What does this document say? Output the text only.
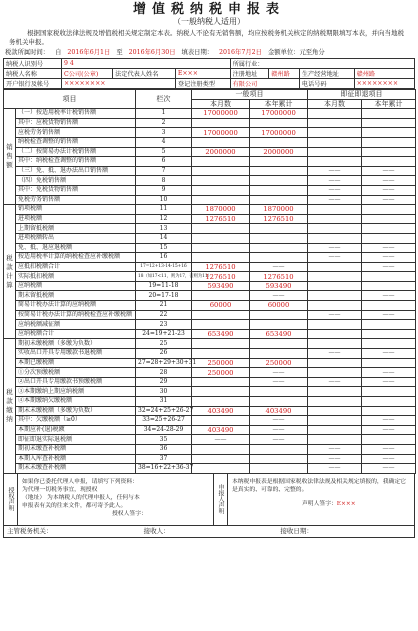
增值税纳税申报表
（一般纳税人适用）
根据国家税收法律法规及增值税相关规定制定本表。纳税人不论有无销售额，均应按税务机关核定的纳税期限填写本表，并向当地税务机关申报。
税款所属时间： 自 2016年6月1日 至 2016年6月30日 填表日期： 2016年7月2日 金额单位：元至角分
纳税人识别号	9 4			所属行业：			
纳税人名称	C公司(公章)	法定代表人姓名	E×××	注册地址	赣州路	生产经营地址	赣州路
开户银行及帐号	××××××××		登记注册类型	有限公司		电话号码	××××××××
项目		栏次	一般项目		即征即退项目	
			本月数	本年累计	本月数	本年累计
销售额	（一）按适用税率计税销售额	1	17000000	17000000		
	其中：应税货物销售额	2				
	应税劳务销售额	3	17000000	17000000		
	纳税检查调整的销售额	4				
	（二）按简易办法计税销售额	5	2000000	2000000		
	其中：纳税检查调整的销售额	6				
	（三）免、抵、退办法出口销售额	7			——	——
	（四）免税销售额	8			——	——
	其中：免税货物销售额	9			——	——
	免税劳务销售额	10			——	——
税款计算	销项税额	11	1870000	1870000		
	进项税额	12	1276510	1276510		
	上期留抵税额	13				
	进项税额转出	14				
	免、抵、退应退税额	15			——	——
	按适用税率计算的纳税检查应补缴税额	16			——	——
	应抵扣税额合计	17=12+13-14-15+16	1276510	——		——
	实际抵扣税额	18（如17<11，则为17，否则为11）	1276510	1276510		
	应纳税额	19=11-18	593490	593490		
	期末留抵税额	20=17-18		——		——
	简易计税办法计算的应纳税额	21	60000	60000		
	按简易计税办法计算的纳税检查应补缴税额	22			——	——
	应纳税额减征额	23				
	应纳税额合计	24=19+21-23	653490	653490		
税款缴纳	期初未缴税额（多缴为负数）	25				
	实收出口开具专用缴款书退税额	26			——	——
	本期已缴税额	27=28+29+30+31	250000	250000		
	①分次预缴税额	28	250000	——		——
	②出口开具专用缴款书预缴税额	29		——	——	——
	③本期缴纳上期应纳税额	30				
	④本期缴纳欠缴税额	31				
	期末未缴税额（多缴为负数）	32=24+25+26-27	403490	403490		
	其中：欠缴税额（≥0）	33=25+26-27		——		——
	本期应补(退)税额	34=24-28-29	403490	——		——
	即征即退实际退税额	35	——	——		
	期初未缴查补税额	36			——	——
	本期入库查补税额	37			——	——
	期末未缴查补税额	38=16+22+36-37			——	——
授权声明
如果你已委托代理人申报，请填写下列资料：
为代理一切税务事宜，现授权
（地址） 为本纳税人的代理申报人，任何与本
申报表有关的往来文件，都可寄予此人。
授权人签字：	申报人声明
本纳税申报表是根据国家税收法律法规及相关规定填报的，我确定它是真实的、可靠的、完整的。
声明人签字：E×××
主管税务机关：	接收人：	接收日期：
